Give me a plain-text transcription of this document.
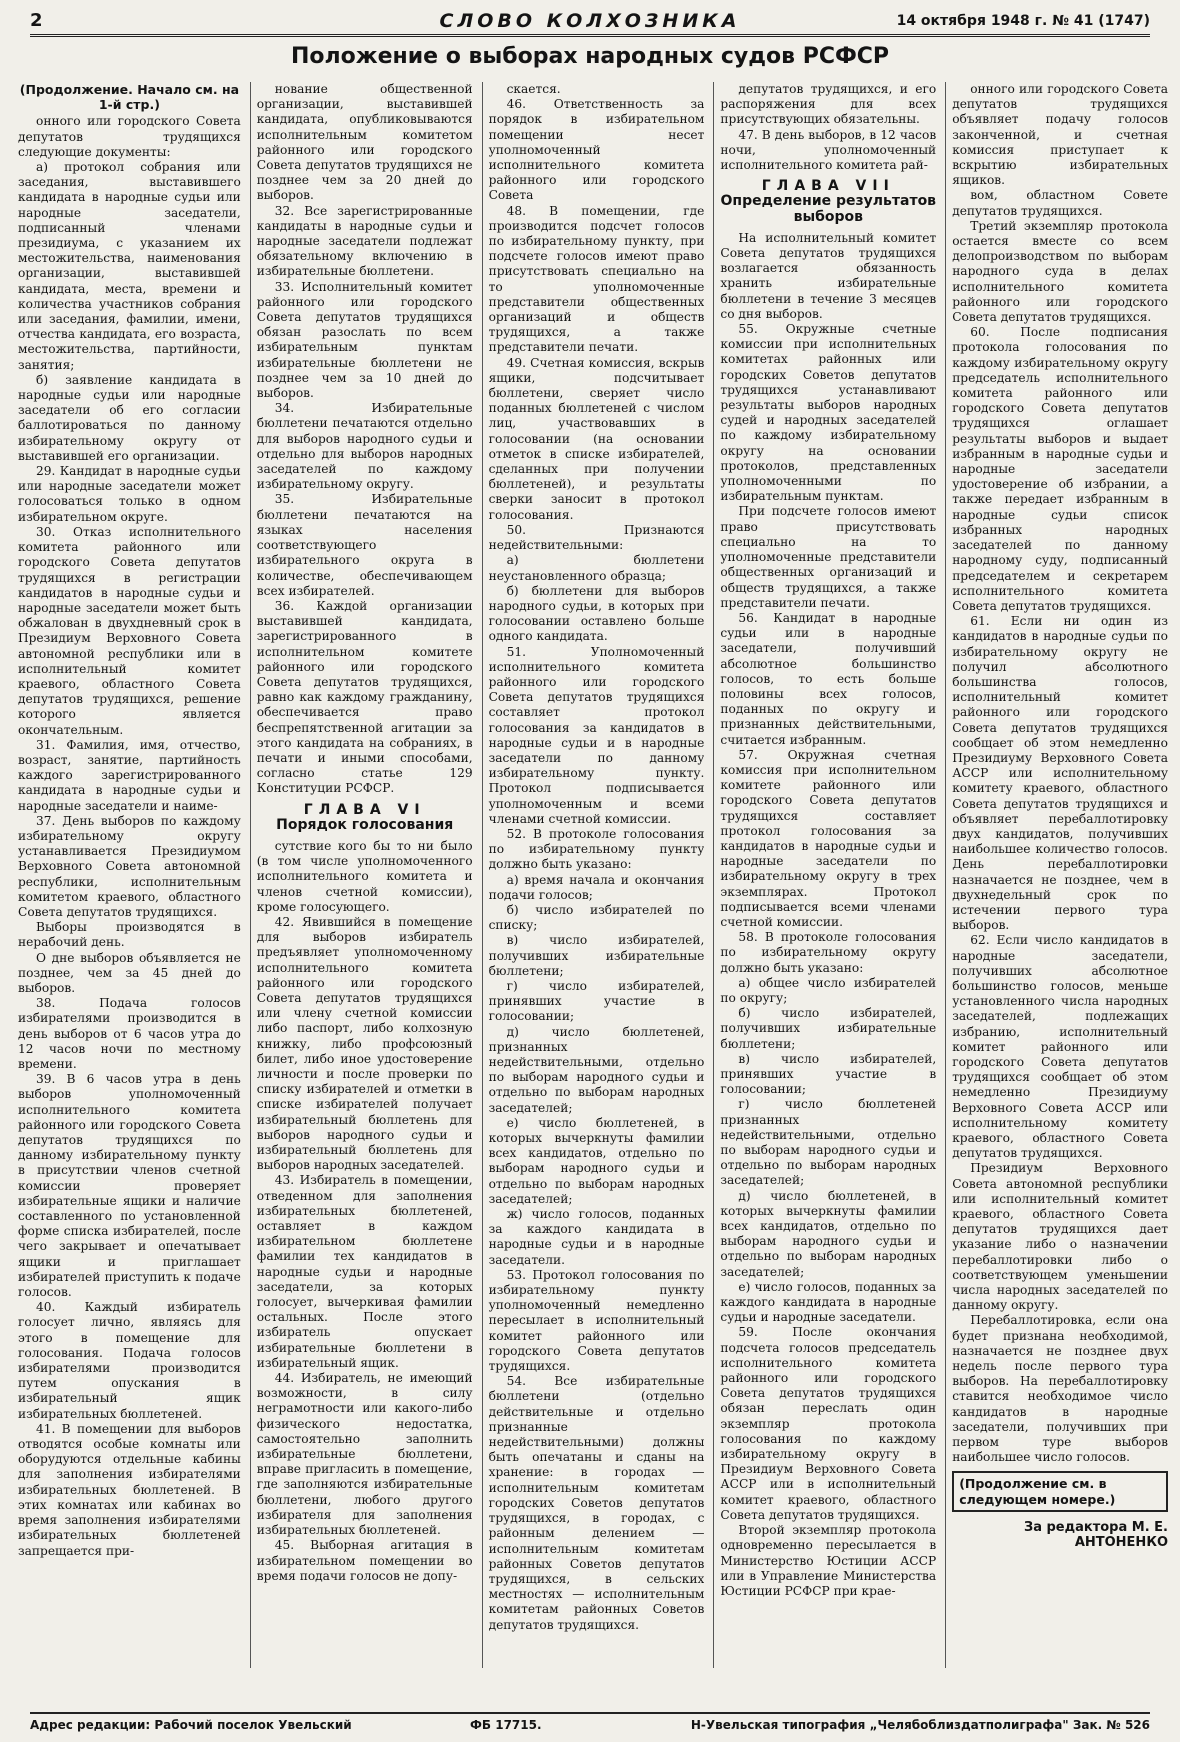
2	СЛОВО КОЛХОЗНИКА	14 октября 1948 г. № 41 (1747)
Положение о выборах народных судов РСФСР

(Продолжение. Начало см. на 1-й стр.)

онного или городского Совета депутатов трудящихся следующие документы:

а) протокол собрания или заседания, выставившего кандидата в народные судьи или народные заседатели, подписанный членами президиума, с указанием их местожительства, наименования организации, выставившей кандидата, места, времени и количества участников собрания или заседания, фамилии, имени, отчества кандидата, его возраста, местожительства, партийности, занятия;

б) заявление кандидата в народные судьи или народные заседатели об его согласии баллотироваться по данному избирательному округу от выставившей его организации.

29. Кандидат в народные судьи или народные заседатели может голосоваться только в одном избирательном округе.

30. Отказ исполнительного комитета районного или городского Совета депутатов трудящихся в регистрации кандидатов в народные судьи и народные заседатели может быть обжалован в двухдневный срок в Президиум Верховного Совета автономной республики или в исполнительный комитет краевого, областного Совета депутатов трудящихся, решение которого является окончательным.

31. Фамилия, имя, отчество, возраст, занятие, партийность каждого зарегистрированного кандидата в народные судьи и народные заседатели и наиме-

37. День выборов по каждому избирательному округу устанавливается Президиумом Верховного Совета автономной республики, исполнительным комитетом краевого, областного Совета депутатов трудящихся.

Выборы производятся в нерабочий день.

О дне выборов объявляется не позднее, чем за 45 дней до выборов.

38. Подача голосов избирателями производится в день выборов от 6 часов утра до 12 часов ночи по местному времени.

39. В 6 часов утра в день выборов уполномоченный исполнительного комитета районного или городского Совета депутатов трудящихся по данному избирательному пункту в присутствии членов счетной комиссии проверяет избирательные ящики и наличие составленного по установленной форме списка избирателей, после чего закрывает и опечатывает ящики и приглашает избирателей приступить к подаче голосов.

40. Каждый избиратель голосует лично, являясь для этого в помещение для голосования. Подача голосов избирателями производится путем опускания в избирательный ящик избирательных бюллетеней.

41. В помещении для выборов отводятся особые комнаты или оборудуются отдельные кабины для заполнения избирателями избирательных бюллетеней. В этих комнатах или кабинах во время заполнения избирателями избирательных бюллетеней запрещается при-

нование общественной организации, выставившей кандидата, опубликовываются исполнительным комитетом районного или городского Совета депутатов трудящихся не позднее чем за 20 дней до выборов.

32. Все зарегистрированные кандидаты в народные судьи и народные заседатели подлежат обязательному включению в избирательные бюллетени.

33. Исполнительный комитет районного или городского Совета депутатов трудящихся обязан разослать по всем избирательным пунктам избирательные бюллетени не позднее чем за 10 дней до выборов.

34. Избирательные бюллетени печатаются отдельно для выборов народного судьи и отдельно для выборов народных заседателей по каждому избирательному округу.

35. Избирательные бюллетени печатаются на языках населения соответствующего избирательного округа в количестве, обеспечивающем всех избирателей.

36. Каждой организации выставившей кандидата, зарегистрированного в исполнительном комитете районного или городского Совета депутатов трудящихся, равно как каждому гражданину, обеспечивается право беспрепятственной агитации за этого кандидата на собраниях, в печати и иными способами, согласно статье 129 Конституции РСФСР.

ГЛАВА VI

Порядок голосования

сутствие кого бы то ни было (в том числе уполномоченного исполнительного комитета и членов счетной комиссии), кроме голосующего.

42. Явившийся в помещение для выборов избиратель предъявляет уполномоченному исполнительного комитета районного или городского Совета депутатов трудящихся или члену счетной комиссии либо паспорт, либо колхозную книжку, либо профсоюзный билет, либо иное удостоверение личности и после проверки по списку избирателей и отметки в списке избирателей получает избирательный бюллетень для выборов народного судьи и избирательный бюллетень для выборов народных заседателей.

43. Избиратель в помещении, отведенном для заполнения избирательных бюллетеней, оставляет в каждом избирательном бюллетене фамилии тех кандидатов в народные судьи и народные заседатели, за которых голосует, вычеркивая фамилии остальных. После этого избиратель опускает избирательные бюллетени в избирательный ящик.

44. Избиратель, не имеющий возможности, в силу неграмотности или какого-либо физического недостатка, самостоятельно заполнить избирательные бюллетени, вправе пригласить в помещение, где заполняются избирательные бюллетени, любого другого избирателя для заполнения избирательных бюллетеней.

45. Выборная агитация в избирательном помещении во время подачи голосов не допу-

скается.

46. Ответственность за порядок в избирательном помещении несет уполномоченный исполнительного комитета районного или городского Совета

48. В помещении, где производится подсчет голосов по избирательному пункту, при подсчете голосов имеют право присутствовать специально на то уполномоченные представители общественных организаций и обществ трудящихся, а также представители печати.

49. Счетная комиссия, вскрыв ящики, подсчитывает бюллетени, сверяет число поданных бюллетеней с числом лиц, участвовавших в голосовании (на основании отметок в списке избирателей, сделанных при получении бюллетеней), и результаты сверки заносит в протокол голосования.

50. Признаются недействительными:

а) бюллетени неустановленного образца;

б) бюллетени для выборов народного судьи, в которых при голосовании оставлено больше одного кандидата.

51. Уполномоченный исполнительного комитета районного или городского Совета депутатов трудящихся составляет протокол голосования за кандидатов в народные судьи и в народные заседатели по данному избирательному пункту. Протокол подписывается уполномоченным и всеми членами счетной комиссии.

52. В протоколе голосования по избирательному пункту должно быть указано:

а) время начала и окончания подачи голосов;

б) число избирателей по списку;

в) число избирателей, получивших избирательные бюллетени;

г) число избирателей, принявших участие в голосовании;

д) число бюллетеней, признанных недействительными, отдельно по выборам народного судьи и отдельно по выборам народных заседателей;

е) число бюллетеней, в которых вычеркнуты фамилии всех кандидатов, отдельно по выборам народного судьи и отдельно по выборам народных заседателей;

ж) число голосов, поданных за каждого кандидата в народные судьи и в народные заседатели.

53. Протокол голосования по избирательному пункту уполномоченный немедленно пересылает в исполнительный комитет районного или городского Совета депутатов трудящихся.

54. Все избирательные бюллетени (отдельно действительные и отдельно признанные недействительными) должны быть опечатаны и сданы на хранение: в городах — исполнительным комитетам городских Советов депутатов трудящихся, в городах, с районным делением — исполнительным комитетам районных Советов депутатов трудящихся, в сельских местностях — исполнительным комитетам районных Советов депутатов трудящихся.

депутатов трудящихся, и его распоряжения для всех присутствующих обязательны.

47. В день выборов, в 12 часов ночи, уполномоченный исполнительного комитета рай-

ГЛАВА VII

Определение результатов выборов

На исполнительный комитет Совета депутатов трудящихся возлагается обязанность хранить избирательные бюллетени в течение 3 месяцев со дня выборов.

55. Окружные счетные комиссии при исполнительных комитетах районных или городских Советов депутатов трудящихся устанавливают результаты выборов народных судей и народных заседателей по каждому избирательному округу на основании протоколов, представленных уполномоченными по избирательным пунктам.

При подсчете голосов имеют право присутствовать специально на то уполномоченные представители общественных организаций и обществ трудящихся, а также представители печати.

56. Кандидат в народные судьи или в народные заседатели, получивший абсолютное большинство голосов, то есть больше половины всех голосов, поданных по округу и признанных действительными, считается избранным.

57. Окружная счетная комиссия при исполнительном комитете районного или городского Совета депутатов трудящихся составляет протокол голосования за кандидатов в народные судьи и народные заседатели по избирательному округу в трех экземплярах. Протокол подписывается всеми членами счетной комиссии.

58. В протоколе голосования по избирательному округу должно быть указано:

а) общее число избирателей по округу;

б) число избирателей, получивших избирательные бюллетени;

в) число избирателей, принявших участие в голосовании;

г) число бюллетеней признанных недействительными, отдельно по выборам народного судьи и отдельно по выборам народных заседателей;

д) число бюллетеней, в которых вычеркнуты фамилии всех кандидатов, отдельно по выборам народного судьи и отдельно по выборам народных заседателей;

е) число голосов, поданных за каждого кандидата в народные судьи и народные заседатели.

59. После окончания подсчета голосов председатель исполнительного комитета районного или городского Совета депутатов трудящихся обязан переслать один экземпляр протокола голосования по каждому избирательному округу в Президиум Верховного Совета АССР или в исполнительный комитет краевого, областного Совета депутатов трудящихся.

Второй экземпляр протокола одновременно пересылается в Министерство Юстиции АССР или в Управление Министерства Юстиции РСФСР при крае-

онного или городского Совета депутатов трудящихся объявляет подачу голосов законченной, и счетная комиссия приступает к вскрытию избирательных ящиков.

вом, областном Совете депутатов трудящихся.

Третий экземпляр протокола остается вместе со всем делопроизводством по выборам народного суда в делах исполнительного комитета районного или городского Совета депутатов трудящихся.

60. После подписания протокола голосования по каждому избирательному округу председатель исполнительного комитета районного или городского Совета депутатов трудящихся оглашает результаты выборов и выдает избранным в народные судьи и народные заседатели удостоверение об избрании, а также передает избранным в народные судьи список избранных народных заседателей по данному народному суду, подписанный председателем и секретарем исполнительного комитета Совета депутатов трудящихся.

61. Если ни один из кандидатов в народные судьи по избирательному округу не получил абсолютного большинства голосов, исполнительный комитет районного или городского Совета депутатов трудящихся сообщает об этом немедленно Президиуму Верховного Совета АССР или исполнительному комитету краевого, областного Совета депутатов трудящихся и объявляет перебаллотировку двух кандидатов, получивших наибольшее количество голосов. День перебаллотировки назначается не позднее, чем в двухнедельный срок по истечении первого тура выборов.

62. Если число кандидатов в народные заседатели, получивших абсолютное большинство голосов, меньше установленного числа народных заседателей, подлежащих избранию, исполнительный комитет районного или городского Совета депутатов трудящихся сообщает об этом немедленно Президиуму Верховного Совета АССР или исполнительному комитету краевого, областного Совета депутатов трудящихся.

Президиум Верховного Совета автономной республики или исполнительный комитет краевого, областного Совета депутатов трудящихся дает указание либо о назначении перебаллотировки либо о соответствующем уменьшении числа народных заседателей по данному округу.

Перебаллотировка, если она будет признана необходимой, назначается не позднее двух недель после первого тура выборов. На перебаллотировку ставится необходимое число кандидатов в народные заседатели, получивших при первом туре выборов наибольшее число голосов.

(Продолжение см. в следующем номере.)

За редактора М. Е. АНТОНЕНКО

Адрес редакции: Рабочий поселок Увельский	ФБ 17715.	Н-Увельская типография „Челябоблиздатполиграфа" Зак. № 526
